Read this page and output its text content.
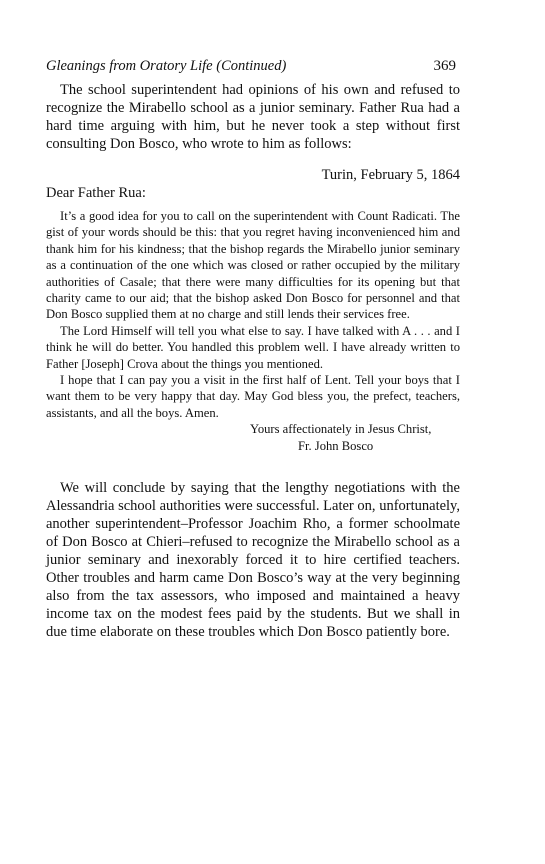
Gleanings from Oratory Life (Continued)	369

The school superintendent had opinions of his own and refused to recognize the Mirabello school as a junior seminary. Father Rua had a hard time arguing with him, but he never took a step without first consulting Don Bosco, who wrote to him as follows:

Turin, February 5, 1864
Dear Father Rua:

It’s a good idea for you to call on the superintendent with Count Radicati. The gist of your words should be this: that you regret having inconvenienced him and thank him for his kindness; that the bishop regards the Mirabello junior seminary as a continuation of the one which was closed or rather occupied by the military authorities of Casale; that there were many difficulties for its opening but that charity came to our aid; that the bishop asked Don Bosco for personnel and that Don Bosco supplied them at no charge and still lends their services free.

The Lord Himself will tell you what else to say. I have talked with A . . . and I think he will do better. You handled this problem well. I have already written to Father [Joseph] Crova about the things you mentioned.

I hope that I can pay you a visit in the first half of Lent. Tell your boys that I want them to be very happy that day. May God bless you, the prefect, teachers, assistants, and all the boys. Amen.

Yours affectionately in Jesus Christ,
Fr. John Bosco

We will conclude by saying that the lengthy negotiations with the Alessandria school authorities were successful. Later on, unfortunately, another superintendent–Professor Joachim Rho, a former schoolmate of Don Bosco at Chieri–refused to recognize the Mirabello school as a junior seminary and inexorably forced it to hire certified teachers. Other troubles and harm came Don Bosco’s way at the very beginning also from the tax assessors, who imposed and maintained a heavy income tax on the modest fees paid by the students. But we shall in due time elaborate on these troubles which Don Bosco patiently bore.
